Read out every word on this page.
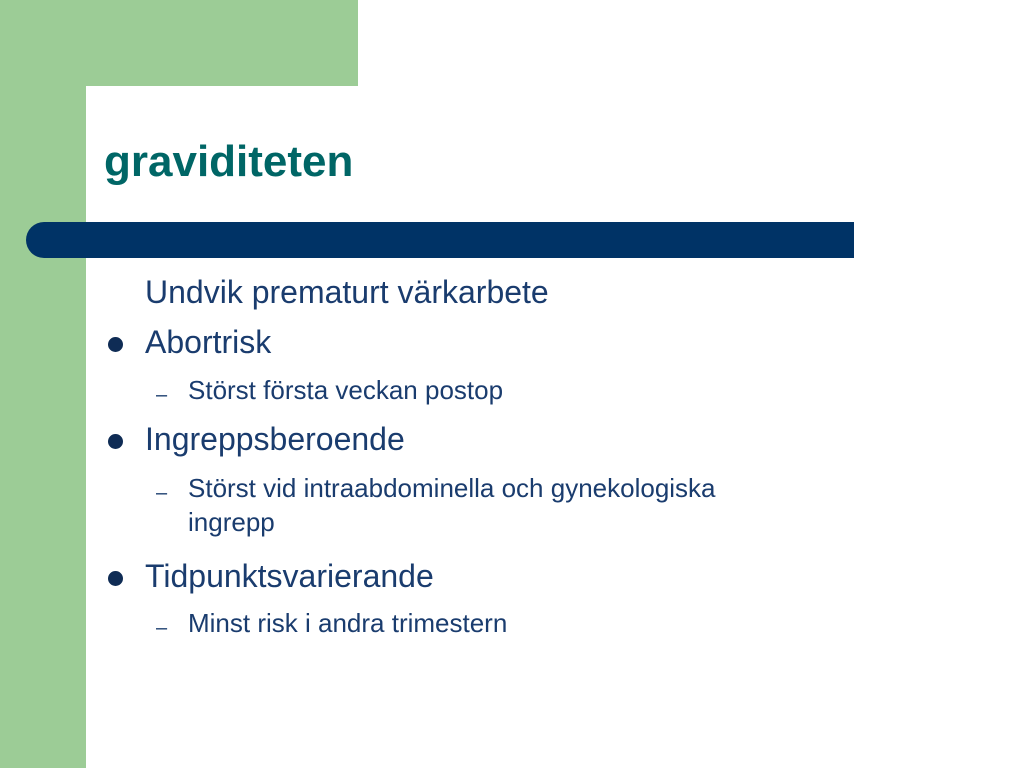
graviditeten
Undvik prematurt värkarbete
Abortrisk
– Störst första veckan postop
Ingreppsberoende
– Störst vid intraabdominella och gynekologiska
ingrepp
Tidpunktsvarierande
– Minst risk i andra trimestern
